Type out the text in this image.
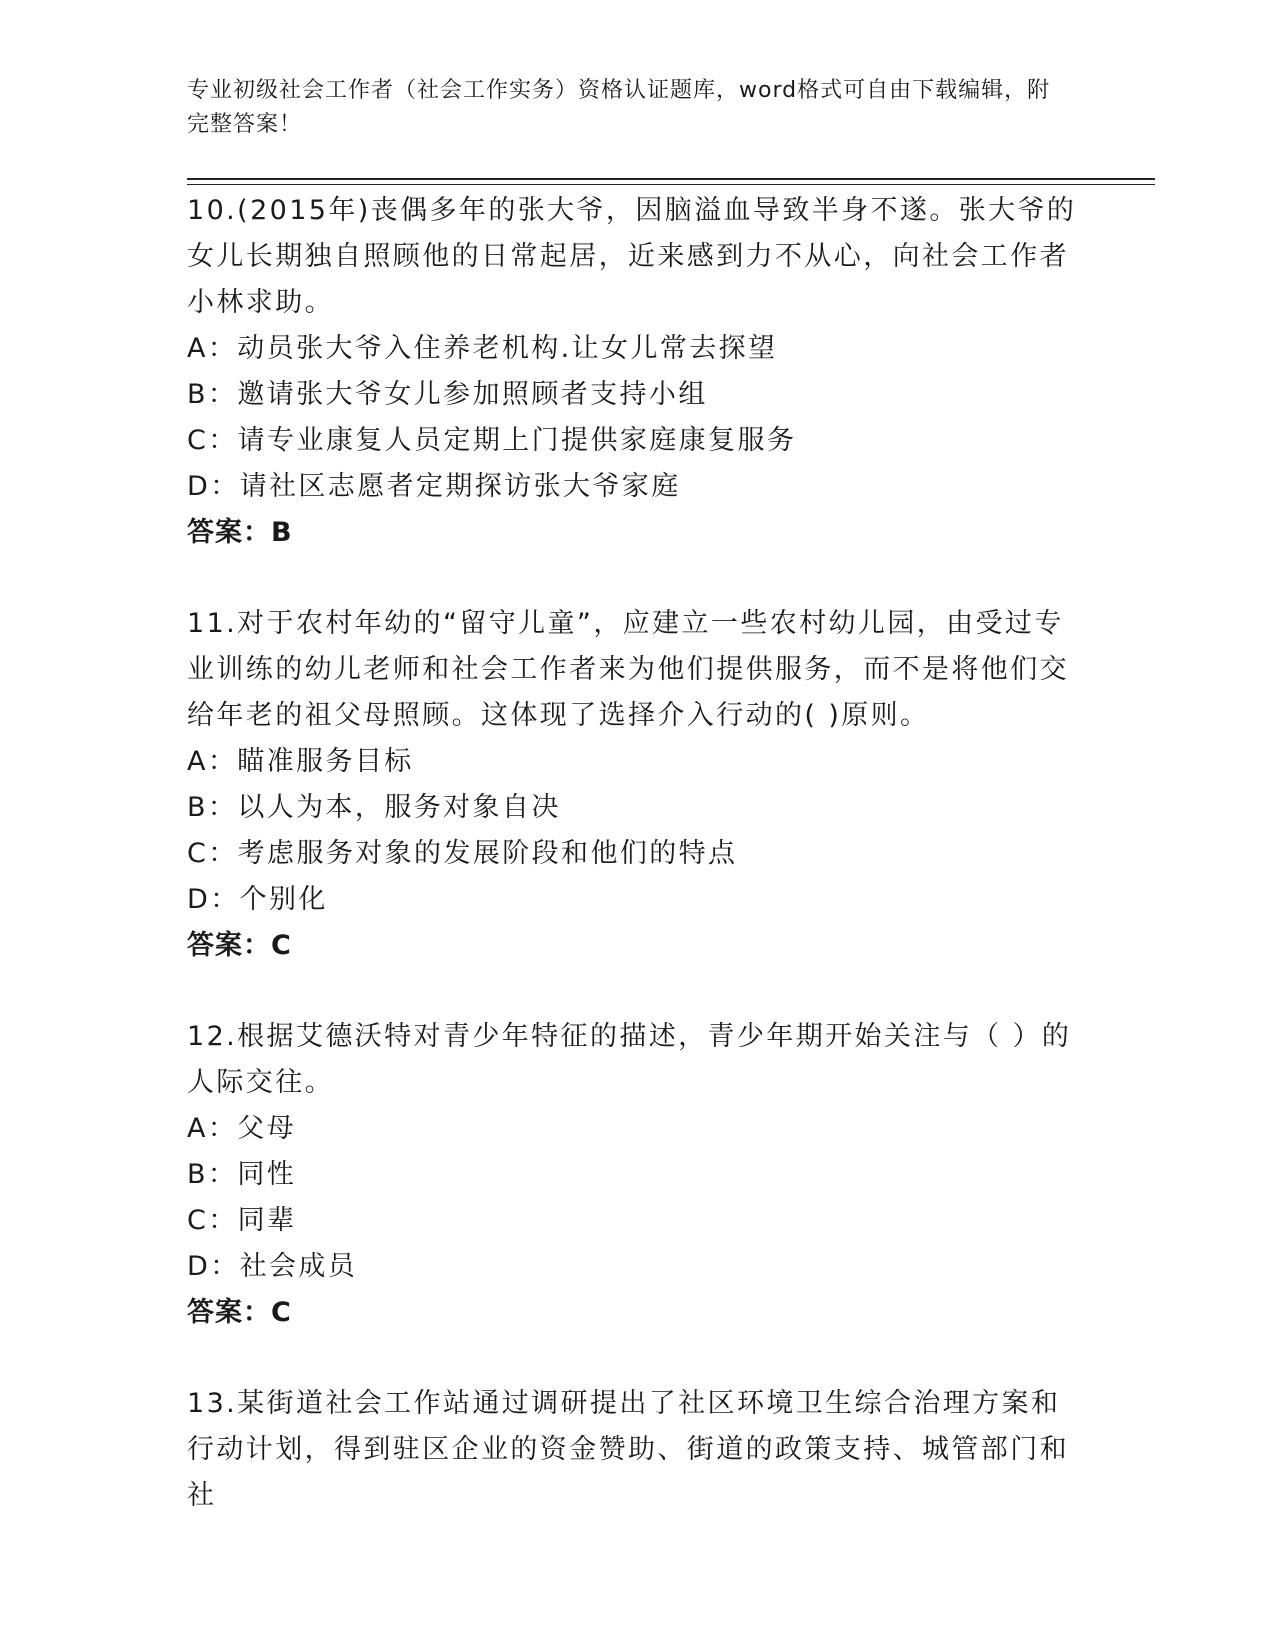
专业初级社会工作者（社会工作实务）资格认证题库，word格式可自由下载编辑，附完整答案！
10.(2015年)丧偶多年的张大爷，因脑溢血导致半身不遂。张大爷的女儿长期独自照顾他的日常起居，近来感到力不从心，向社会工作者小林求助。
A：动员张大爷入住养老机构.让女儿常去探望
B：邀请张大爷女儿参加照顾者支持小组
C：请专业康复人员定期上门提供家庭康复服务
D：请社区志愿者定期探访张大爷家庭
答案：B
11.对于农村年幼的“留守儿童”，应建立一些农村幼儿园，由受过专业训练的幼儿老师和社会工作者来为他们提供服务，而不是将他们交给年老的祖父母照顾。这体现了选择介入行动的( )原则。
A：瞄准服务目标
B：以人为本，服务对象自决
C：考虑服务对象的发展阶段和他们的特点
D：个别化
答案：C
12.根据艾德沃特对青少年特征的描述，青少年期开始关注与（ ）的人际交往。
A：父母
B：同性
C：同辈
D：社会成员
答案：C
13.某街道社会工作站通过调研提出了社区环境卫生综合治理方案和行动计划，得到驻区企业的资金赞助、街道的政策支持、城管部门和社
